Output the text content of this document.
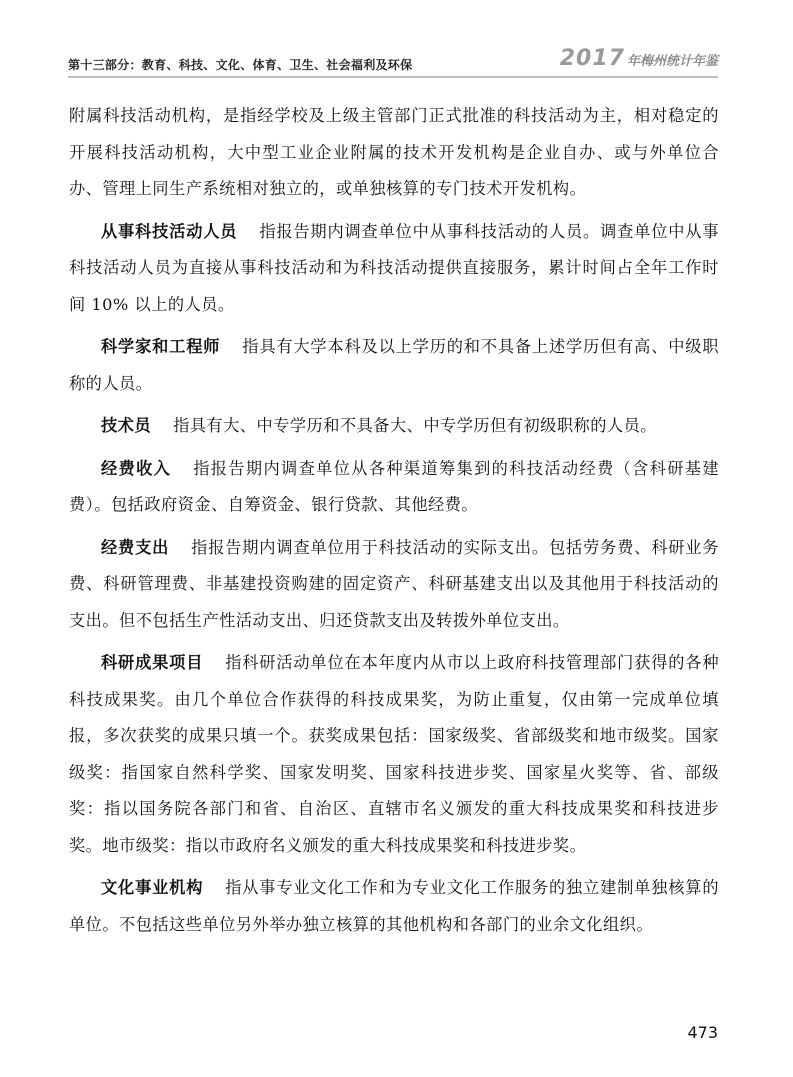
第十三部分：教育、科技、文化、体育、卫生、社会福利及环保	2017 年梅州统计年鉴

附属科技活动机构，是指经学校及上级主管部门正式批准的科技活动为主，相对稳定的开展科技活动机构，大中型工业企业附属的技术开发机构是企业自办、或与外单位合办、管理上同生产系统相对独立的，或单独核算的专门技术开发机构。

从事科技活动人员 指报告期内调查单位中从事科技活动的人员。调查单位中从事科技活动人员为直接从事科技活动和为科技活动提供直接服务，累计时间占全年工作时间 10% 以上的人员。

科学家和工程师 指具有大学本科及以上学历的和不具备上述学历但有高、中级职称的人员。

技术员 指具有大、中专学历和不具备大、中专学历但有初级职称的人员。

经费收入 指报告期内调查单位从各种渠道筹集到的科技活动经费（含科研基建费）。包括政府资金、自筹资金、银行贷款、其他经费。

经费支出 指报告期内调查单位用于科技活动的实际支出。包括劳务费、科研业务费、科研管理费、非基建投资购建的固定资产、科研基建支出以及其他用于科技活动的支出。但不包括生产性活动支出、归还贷款支出及转拨外单位支出。

科研成果项目 指科研活动单位在本年度内从市以上政府科技管理部门获得的各种科技成果奖。由几个单位合作获得的科技成果奖，为防止重复，仅由第一完成单位填报，多次获奖的成果只填一个。获奖成果包括：国家级奖、省部级奖和地市级奖。国家级奖：指国家自然科学奖、国家发明奖、国家科技进步奖、国家星火奖等、省、部级奖：指以国务院各部门和省、自治区、直辖市名义颁发的重大科技成果奖和科技进步奖。地市级奖：指以市政府名义颁发的重大科技成果奖和科技进步奖。

文化事业机构 指从事专业文化工作和为专业文化工作服务的独立建制单独核算的单位。不包括这些单位另外举办独立核算的其他机构和各部门的业余文化组织。

473
